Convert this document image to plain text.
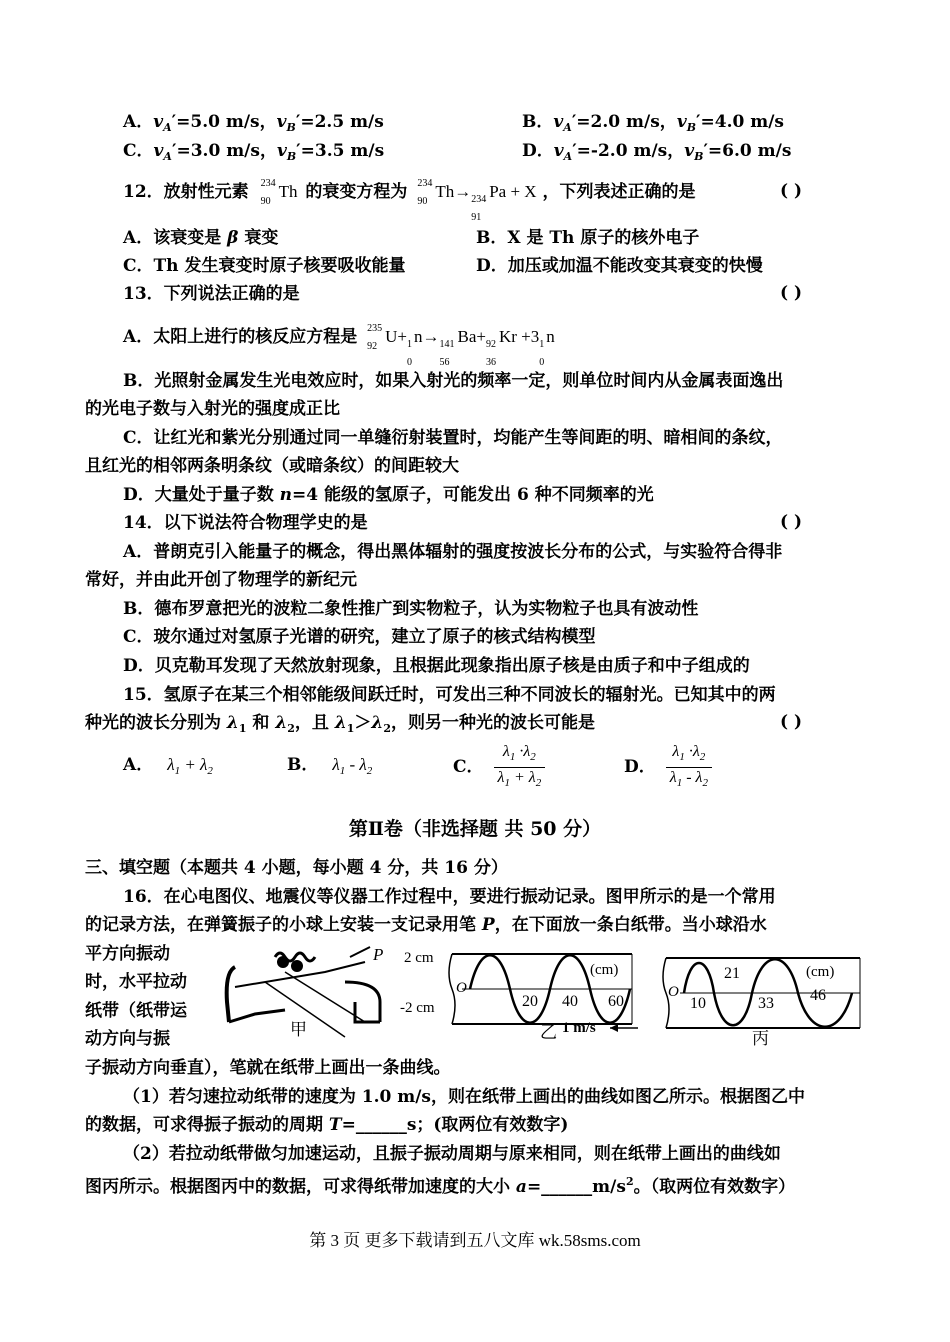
A．$v_A'=5.0$ m/s，$v_B'=2.5$ m/s	B．$v_A'=2.0$ m/s，$v_B'=4.0$ m/s
C．$v_A'=3.0$ m/s，$v_B'=3.5$ m/s	D．$v_A'=-2.0$ m/s，$v_B'=6.0$ m/s
12．放射性元素 234
90
Th 的衰变方程为 234
90
Th→ 234
91
Pa + X ，下列表述正确的是	( )
A．该衰变是 β 衰变	B．X 是 Th 原子的核外电子
C．Th 发生衰变时原子核要吸收能量	D．加压或加温不能改变其衰变的快慢
13．下列说法正确的是	( )
A．太阳上进行的核反应方程是 235
92
U+ 1
0
n→ 141
56
Ba+ 92
36
Kr +3 1
0
n
B．光照射金属发生光电效应时，如果入射光的频率一定，则单位时间内从金属表面逸出
的光电子数与入射光的强度成正比
C．让红光和紫光分别通过同一单缝衍射装置时，均能产生等间距的明、暗相间的条纹，
且红光的相邻两条明条纹（或暗条纹）的间距较大
D．大量处于量子数 n=4 能级的氢原子，可能发出 6 种不同频率的光
14．以下说法符合物理学史的是	( )
A．普朗克引入能量子的概念，得出黑体辐射的强度按波长分布的公式，与实验符合得非
常好，并由此开创了物理学的新纪元
B．德布罗意把光的波粒二象性推广到实物粒子，认为实物粒子也具有波动性
C．玻尔通过对氢原子光谱的研究，建立了原子的核式结构模型
D．贝克勒耳发现了天然放射现象，且根据此现象指出原子核是由质子和中子组成的
15．氢原子在某三个相邻能级间跃迁时，可发出三种不同波长的辐射光。已知其中的两
种光的波长分别为 $\lambda_1$ 和 $\lambda_2$，且 $\lambda_1>\lambda_2$，则另一种光的波长可能是	( )
A． $\lambda_1 + \lambda_2$	B． $\lambda_1 - \lambda_2$	C． $\frac{\lambda_1 \cdot\lambda_2}{\lambda_1 + \lambda_2}$	D． $\frac{\lambda_1 \cdot\lambda_2}{\lambda_1 - \lambda_2}$
第Ⅱ卷（非选择题 共 50 分）
三、填空题（本题共 4 小题，每小题 4 分，共 16 分）
16．在心电图仪、地震仪等仪器工作过程中，要进行振动记录。图甲所示的是一个常用
的记录方法，在弹簧振子的小球上安装一支记录用笔 P，在下面放一条白纸带。当小球沿水
平方向振动
时，水平拉动
纸带（纸带运
动方向与振
子振动方向垂直），笔就在纸带上画出一条曲线。
（1）若匀速拉动纸带的速度为 1.0 m/s，则在纸带上画出的曲线如图乙所示。根据图乙中
的数据，可求得振子振动的周期 T=______s；(取两位有效数字)
（2）若拉动纸带做匀加速运动，且振子振动周期与原来相同，则在纸带上画出的曲线如
图丙所示。根据图丙中的数据，可求得纸带加速度的大小 $a=\_\_\_\_\_\_m/s^2$。（取两位有效数字）
P
甲
2 cm
-2 cm
O
20 40 60
(cm)
乙 1 m/s
O
10
21
33 46
(cm)
丙
第 3 页 更多下载请到五八文库 wk.58sms.com
